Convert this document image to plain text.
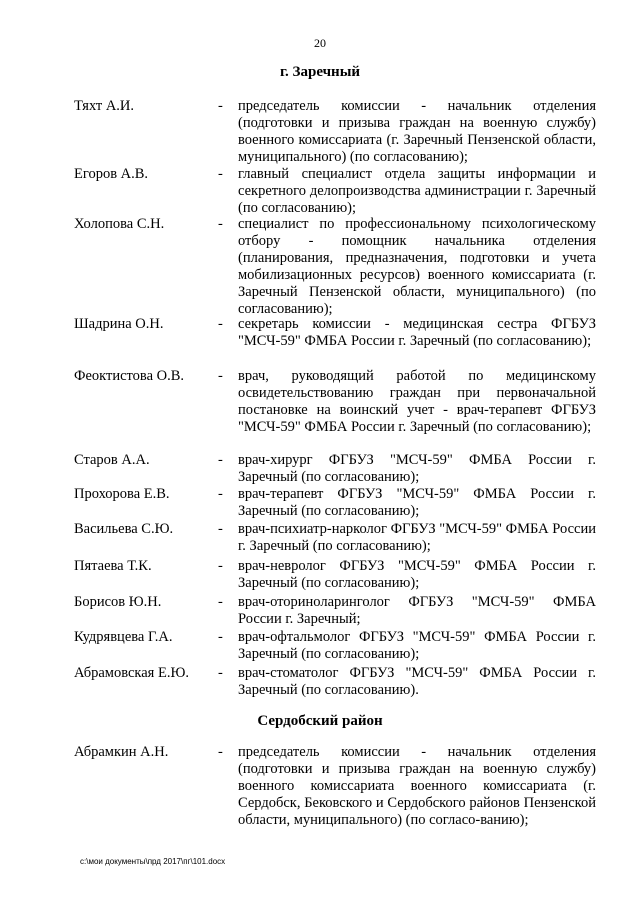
20
г. Заречный
Тяхт А.И.	- председатель комиссии - начальник отделения (подготовки и призыва граждан на военную службу) военного комиссариата (г. Заречный Пензенской области, муниципального) (по согласованию);
Егоров А.В.	- главный специалист отдела защиты информации и секретного делопроизводства администрации г. Заречный (по согласованию);
Холопова С.Н.	- специалист по профессиональному психологическому отбору - помощник начальника отделения (планирования, предназначения, подготовки и учета мобилизационных ресурсов) военного комиссариата (г. Заречный Пензенской области, муниципального) (по согласованию);
Шадрина О.Н.	- секретарь комиссии - медицинская сестра ФГБУЗ "МСЧ-59" ФМБА России г. Заречный (по согласованию);
Феоктистова О.В. - врач, руководящий работой по медицинскому освидетельствованию граждан при первоначальной постановке на воинский учет - врач-терапевт ФГБУЗ "МСЧ-59" ФМБА России г. Заречный (по согласованию);
Старов А.А.	- врач-хирург ФГБУЗ "МСЧ-59" ФМБА России г. Заречный (по согласованию);
Прохорова Е.В.	- врач-терапевт ФГБУЗ "МСЧ-59" ФМБА России г. Заречный (по согласованию);
Васильева С.Ю.	- врач-психиатр-нарколог ФГБУЗ "МСЧ-59" ФМБА России г. Заречный (по согласованию);
Пятаева Т.К.	- врач-невролог ФГБУЗ "МСЧ-59" ФМБА России г. Заречный (по согласованию);
Борисов Ю.Н.	- врач-оториноларинголог ФГБУЗ "МСЧ-59" ФМБА России г. Заречный;
Кудрявцева Г.А.	- врач-офтальмолог ФГБУЗ "МСЧ-59" ФМБА России г. Заречный (по согласованию);
Абрамовская Е.Ю. - врач-стоматолог ФГБУЗ "МСЧ-59" ФМБА России г. Заречный (по согласованию).
Сердобский район
Абрамкин А.Н.	- председатель комиссии - начальник отделения (подготовки и призыва граждан на военную службу) военного комиссариата военного комиссариата (г. Сердобск, Бековского и Сердобского районов Пензенской области, муниципального) (по согласо-ванию);
c:\мои документы\прд 2017\пг\101.docx
